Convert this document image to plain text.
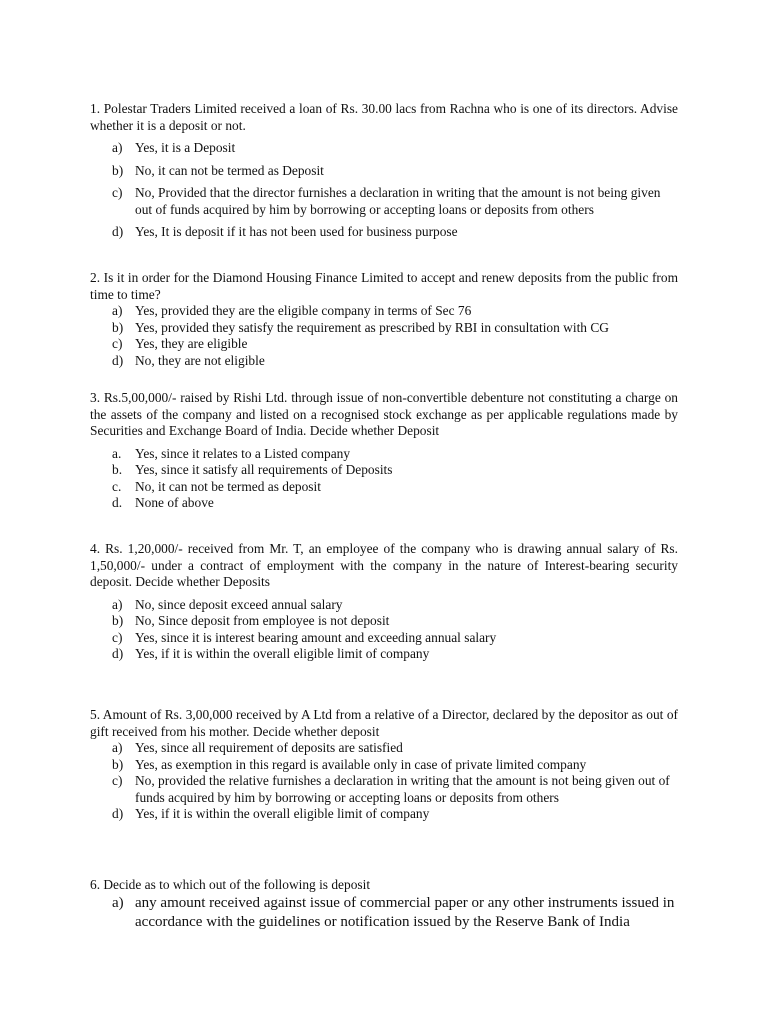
1. Polestar Traders Limited received a loan of Rs. 30.00 lacs from Rachna who is one of its directors. Advise whether it is a deposit or not.

a) Yes, it is a Deposit
b) No, it can not be termed as Deposit
c) No, Provided that the director furnishes a declaration in writing that the amount is not being given out of funds acquired by him by borrowing or accepting loans or deposits from others
d) Yes, It is deposit if it has not been used for business purpose

2. Is it in order for the Diamond Housing Finance Limited to accept and renew deposits from the public from time to time?

a) Yes, provided they are the eligible company in terms of Sec 76
b) Yes, provided they satisfy the requirement as prescribed by RBI in consultation with CG
c) Yes, they are eligible
d) No, they are not eligible

3. Rs.5,00,000/- raised by Rishi Ltd. through issue of non-convertible debenture not constituting a charge on the assets of the company and listed on a recognised stock exchange as per applicable regulations made by Securities and Exchange Board of India. Decide whether Deposit

a. Yes, since it relates to a Listed company
b. Yes, since it satisfy all requirements of Deposits
c. No, it can not be termed as deposit
d. None of above

4. Rs. 1,20,000/- received from Mr. T, an employee of the company who is drawing annual salary of Rs. 1,50,000/- under a contract of employment with the company in the nature of Interest-bearing security deposit. Decide whether Deposits

a) No, since deposit exceed annual salary
b) No, Since deposit from employee is not deposit
c) Yes, since it is interest bearing amount and exceeding annual salary
d) Yes, if it is within the overall eligible limit of company

5. Amount of Rs. 3,00,000 received by A Ltd from a relative of a Director, declared by the depositor as out of gift received from his mother. Decide whether deposit

a) Yes, since all requirement of deposits are satisfied
b) Yes, as exemption in this regard is available only in case of private limited company
c) No, provided the relative furnishes a declaration in writing that the amount is not being given out of funds acquired by him by borrowing or accepting loans or deposits from others
d) Yes, if it is within the overall eligible limit of company

6. Decide as to which out of the following is deposit

a) any amount received against issue of commercial paper or any other instruments issued in accordance with the guidelines or notification issued by the Reserve Bank of India
